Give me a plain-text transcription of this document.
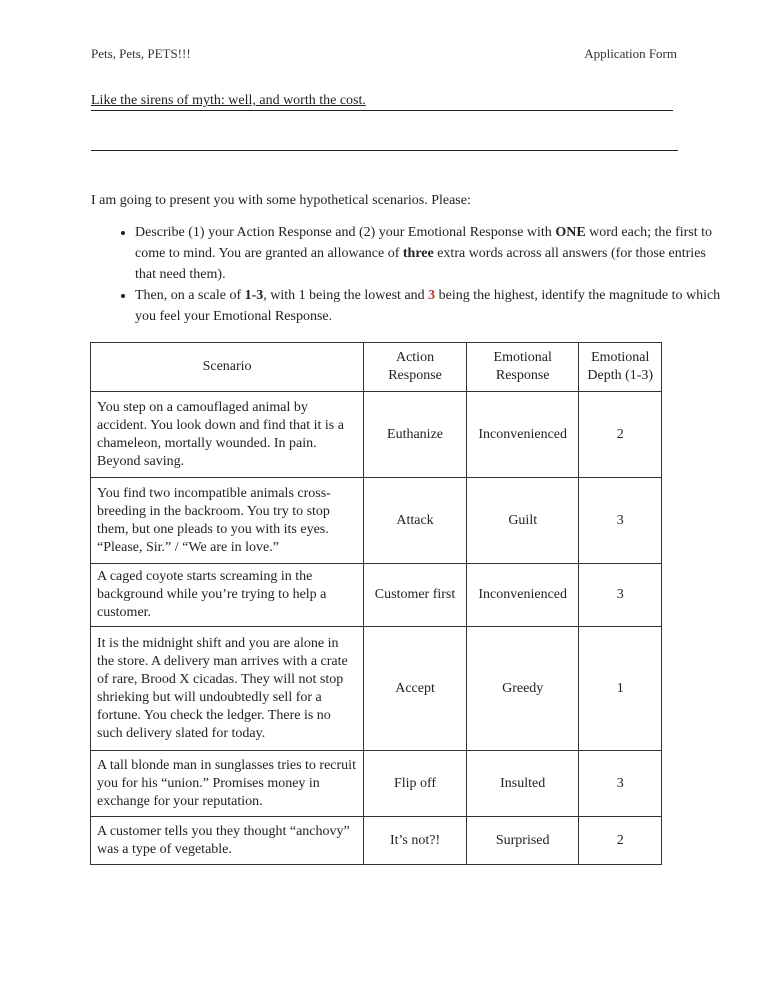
Pets, Pets, PETS!!!	Application Form
Like the sirens of myth: well, and worth the cost.
I am going to present you with some hypothetical scenarios. Please:
• Describe (1) your Action Response and (2) your Emotional Response with ONE word each; the first to come to mind. You are granted an allowance of three extra words across all answers (for those entries that need them).
• Then, on a scale of 1-3, with 1 being the lowest and 3 being the highest, identify the magnitude to which you feel your Emotional Response.
Scenario	Action Response	Emotional Response	Emotional Depth (1-3)
You step on a camouflaged animal by accident. You look down and find that it is a chameleon, mortally wounded. In pain. Beyond saving.	Euthanize	Inconvenienced	2
You find two incompatible animals cross-breeding in the backroom. You try to stop them, but one pleads to you with its eyes. “Please, Sir.” / “We are in love.”	Attack	Guilt	3
A caged coyote starts screaming in the background while you’re trying to help a customer.	Customer first	Inconvenienced	3
It is the midnight shift and you are alone in the store. A delivery man arrives with a crate of rare, Brood X cicadas. They will not stop shrieking but will undoubtedly sell for a fortune. You check the ledger. There is no such delivery slated for today.	Accept	Greedy	1
A tall blonde man in sunglasses tries to recruit you for his “union.” Promises money in exchange for your reputation.	Flip off	Insulted	3
A customer tells you they thought “anchovy” was a type of vegetable.	It’s not?!	Surprised	2
